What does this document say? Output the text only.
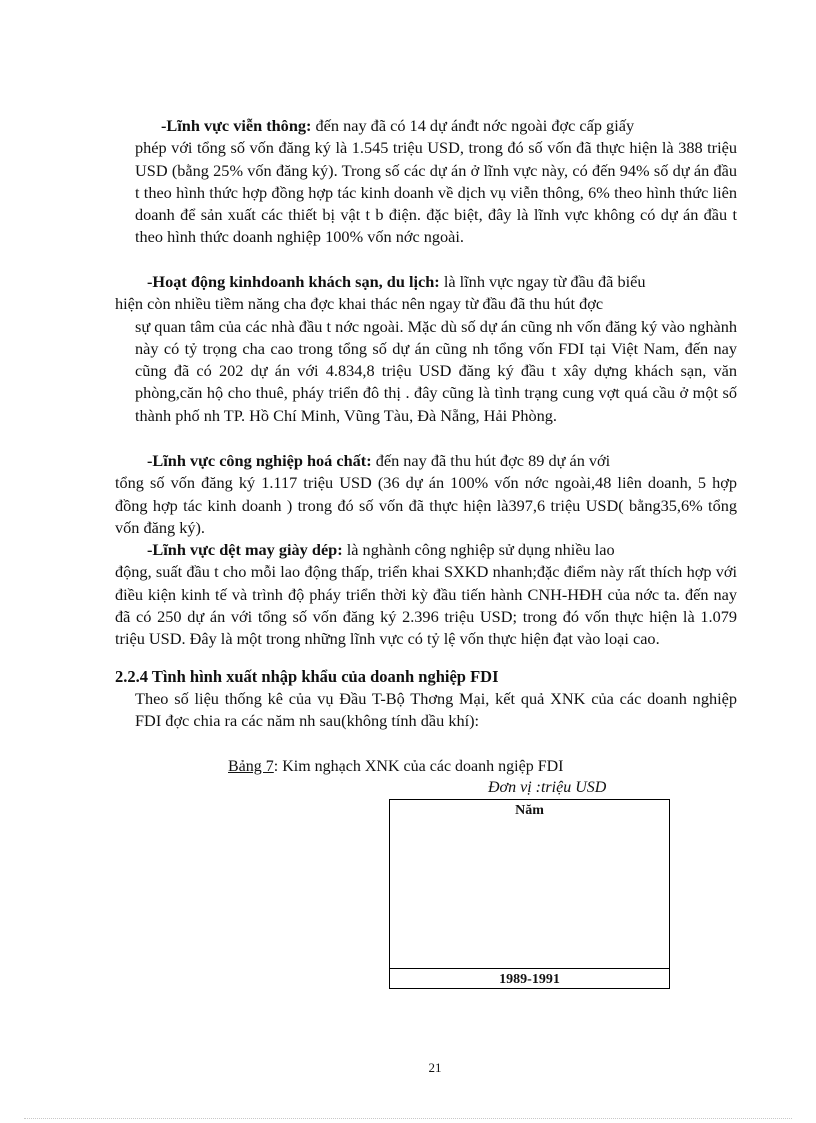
-Lĩnh vực viễn thông: đến nay đã có 14 dự ánđt nớc ngoài đợc cấp giấy
phép với tổng số vốn đăng ký là 1.545 triệu USD, trong đó số vốn đã thực hiện là 388 triệu USD (bằng 25% vốn đăng ký). Trong số các dự án ở lĩnh vực này, có đến 94% số dự án đầu t theo hình thức hợp đồng hợp tác kinh doanh về dịch vụ viễn thông, 6% theo hình thức liên doanh để sản xuất các thiết bị vật t b điện. đặc biệt, đây là lĩnh vực không có dự án đầu t theo hình thức doanh nghiệp 100% vốn nớc ngoài.
-Hoạt động kinhdoanh khách sạn, du lịch: là lĩnh vực ngay từ đầu đã biểu
hiện còn nhiều tiềm năng cha đợc khai thác nên ngay từ đầu đã thu hút đợc
sự quan tâm của các nhà đầu t nớc ngoài. Mặc dù số dự án cũng nh vốn đăng ký vào nghành này có tỷ trọng cha cao trong tổng số dự án cũng nh tổng vốn FDI tại Việt Nam, đến nay cũng đã có 202 dự án với 4.834,8 triệu USD đăng ký đầu t xây dựng khách sạn, văn phòng,căn hộ cho thuê, pháy triển đô thị . đây cũng là tình trạng cung vợt quá cầu ở một số thành phố nh TP. Hồ Chí Minh, Vũng Tàu, Đà Nẵng, Hải Phòng.
-Lĩnh vực công nghiệp hoá chất: đến nay đã thu hút đợc 89 dự án với
tổng số vốn đăng ký 1.117 triệu USD (36 dự án 100% vốn nớc ngoài,48 liên doanh, 5 hợp đồng hợp tác kinh doanh ) trong đó số vốn đã thực hiện là397,6 triệu USD( bằng35,6% tổng vốn đăng ký).
-Lĩnh vực dệt may giày dép: là nghành công nghiệp sử dụng nhiều lao
động, suất đầu t cho mỗi lao động thấp, triển khai SXKD nhanh;đặc điểm này rất thích hợp với điều kiện kinh tế và trình độ pháy triển thời kỳ đầu tiến hành CNH-HĐH của nớc ta. đến nay đã có 250 dự án với tổng số vốn đăng ký 2.396 triệu USD; trong đó vốn thực hiện là 1.079 triệu USD. Đây là một trong những lĩnh vực có tỷ lệ vốn thực hiện đạt vào loại cao.
2.2.4 Tình hình xuất nhập khẩu của doanh nghiệp FDI
Theo số liệu thống kê của vụ Đầu T-Bộ Thơng Mại, kết quả XNK của các doanh nghiệp FDI đợc chia ra các năm nh sau(không tính dầu khí):
Bảng 7: Kim nghạch XNK của các doanh ngiệp FDI
Đơn vị :triệu USD
Năm
1989-1991
21
